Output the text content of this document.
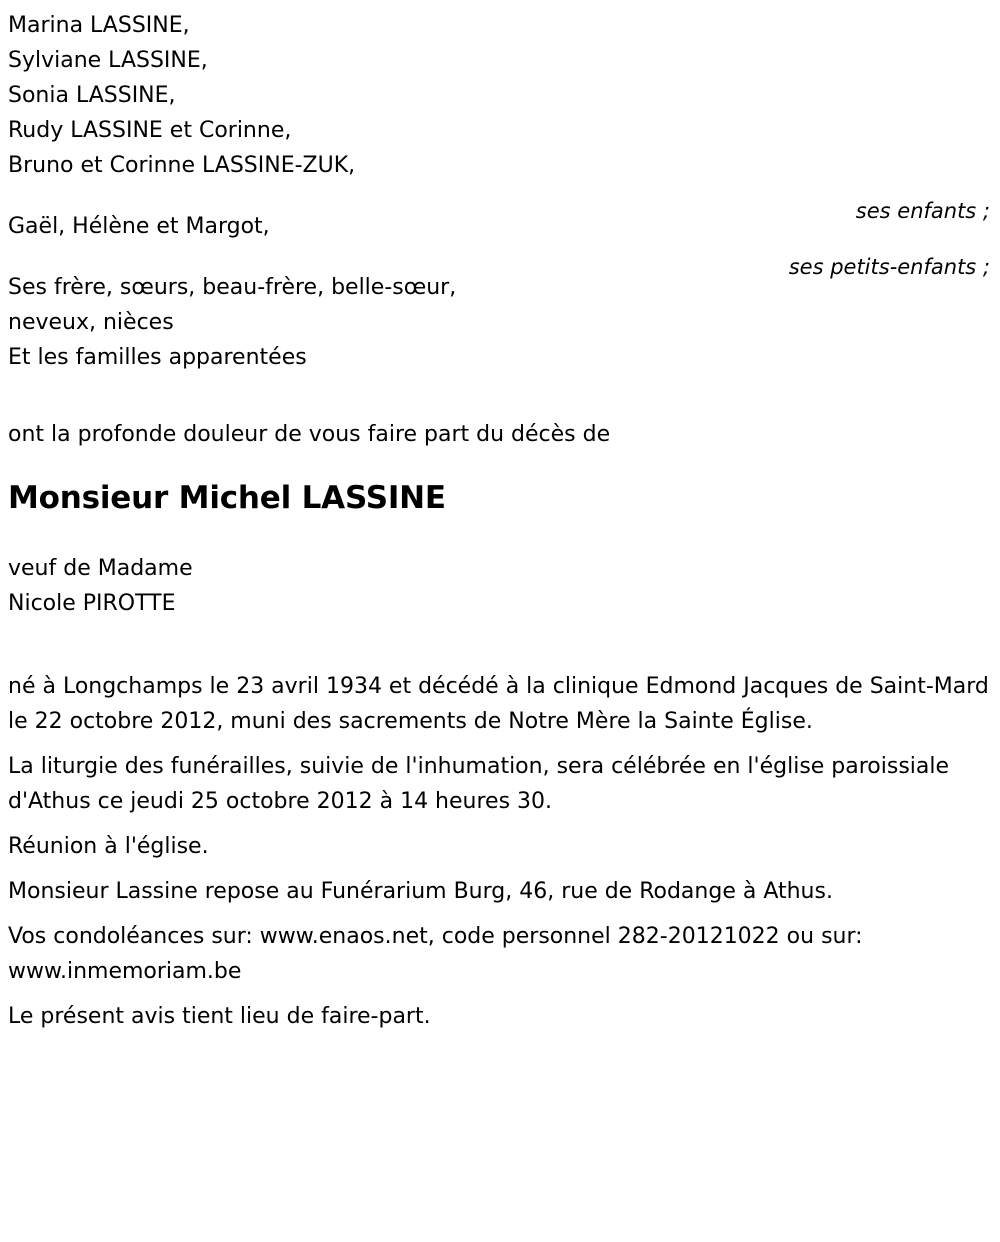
Marina LASSINE,
Sylviane LASSINE,
Sonia LASSINE,
Rudy LASSINE et Corinne,
Bruno et Corinne LASSINE-ZUK,
Gaël, Hélène et Margot,
Ses frère, sœurs, beau-frère, belle-sœur,
neveux, nièces
Et les familles apparentées
ont la profonde douleur de vous faire part du décès de
Monsieur Michel LASSINE
veuf de Madame
Nicole PIROTTE

né à Longchamps le 23 avril 1934 et décédé à la clinique Edmond Jacques de Saint-Mard le 22 octobre 2012, muni des sacrements de Notre Mère la Sainte Église.

La liturgie des funérailles, suivie de l'inhumation, sera célébrée en l'église paroissiale d'Athus ce jeudi 25 octobre 2012 à 14 heures 30.

Réunion à l'église.

Monsieur Lassine repose au Funérarium Burg, 46, rue de Rodange à Athus.

Vos condoléances sur: www.enaos.net, code personnel 282-20121022 ou sur: www.inmemoriam.be

Le présent avis tient lieu de faire-part.

ses enfants ;
ses petits-enfants ;
